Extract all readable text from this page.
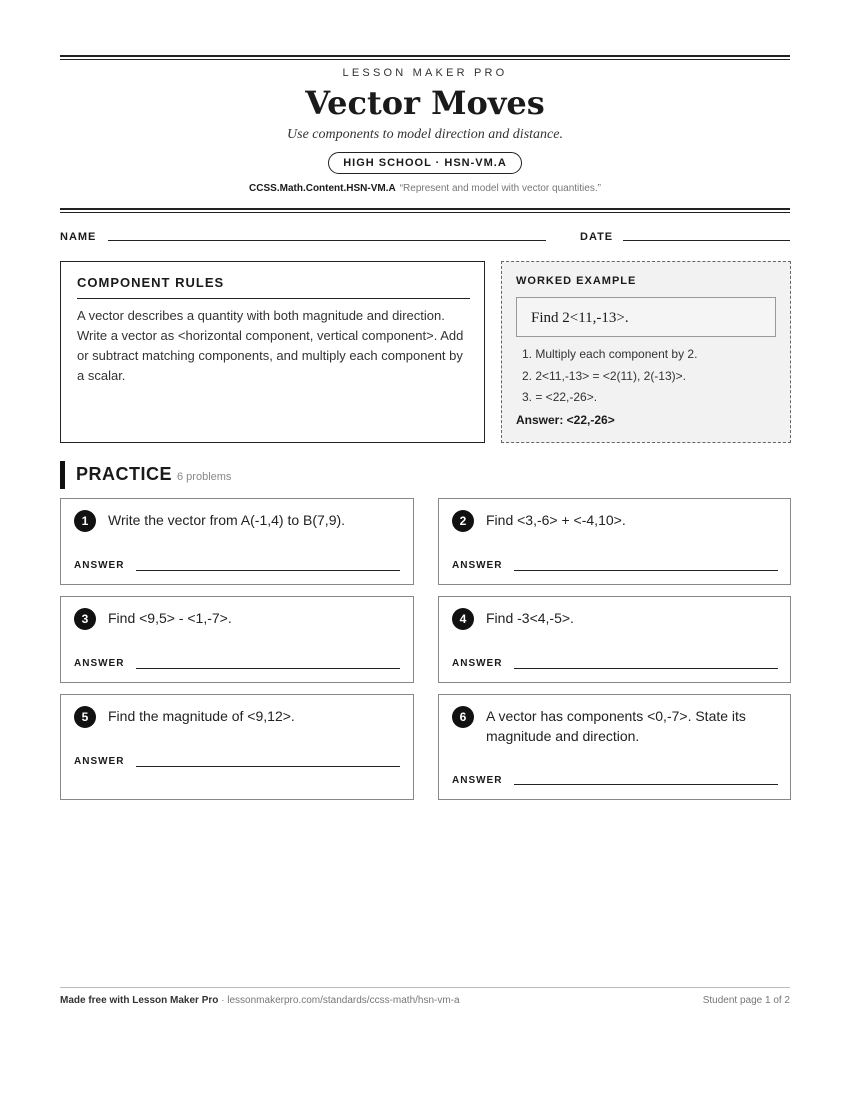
LESSON MAKER PRO
Vector Moves
Use components to model direction and distance.
HIGH SCHOOL · HSN-VM.A
CCSS.Math.Content.HSN-VM.A “Represent and model with vector quantities.”
NAME	DATE
COMPONENT RULES
A vector describes a quantity with both magnitude and direction. Write a vector as <horizontal component, vertical component>. Add or subtract matching components, and multiply each component by a scalar.
WORKED EXAMPLE
Find 2<11,-13>.
1. Multiply each component by 2.
2. 2<11,-13> = <2(11), 2(-13)>.
3. = <22,-26>.
Answer: <22,-26>
PRACTICE 6 problems
1	Write the vector from A(-1,4) to B(7,9).
ANSWER
2	Find <3,-6> + <-4,10>.
ANSWER
3	Find <9,5> - <1,-7>.
ANSWER
4	Find -3<4,-5>.
ANSWER
5	Find the magnitude of <9,12>.
ANSWER
6	A vector has components <0,-7>. State its magnitude and direction.
ANSWER
Made free with Lesson Maker Pro · lessonmakerpro.com/standards/ccss-math/hsn-vm-a	Student page 1 of 2
